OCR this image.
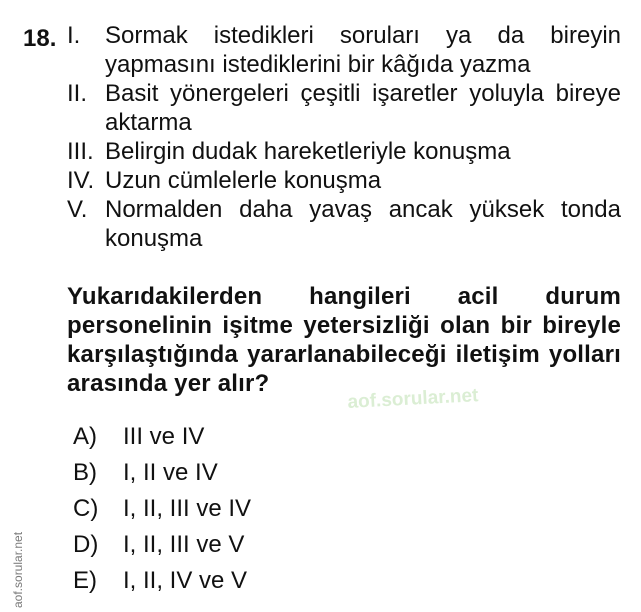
18. I.	Sormak istedikleri soruları ya da bireyin yapmasını istediklerini bir kâğıda yazma
II. Basit yönergeleri çeşitli işaretler yoluyla bireye aktarma
III. Belirgin dudak hareketleriyle konuşma
IV. Uzun cümlelerle konuşma
V. Normalden daha yavaş ancak yüksek tonda konuşma
Yukarıdakilerden hangileri acil durum personelinin işitme yetersizliği olan bir bireyle karşılaştığında yararlanabileceği iletişim yolları arasında yer alır?
aof.sorular.net
A)	III ve IV
B)	I, II ve IV
C)	I, II, III ve IV
D)	I, II, III ve V
E)	I, II, IV ve V
aof.sorular.net
